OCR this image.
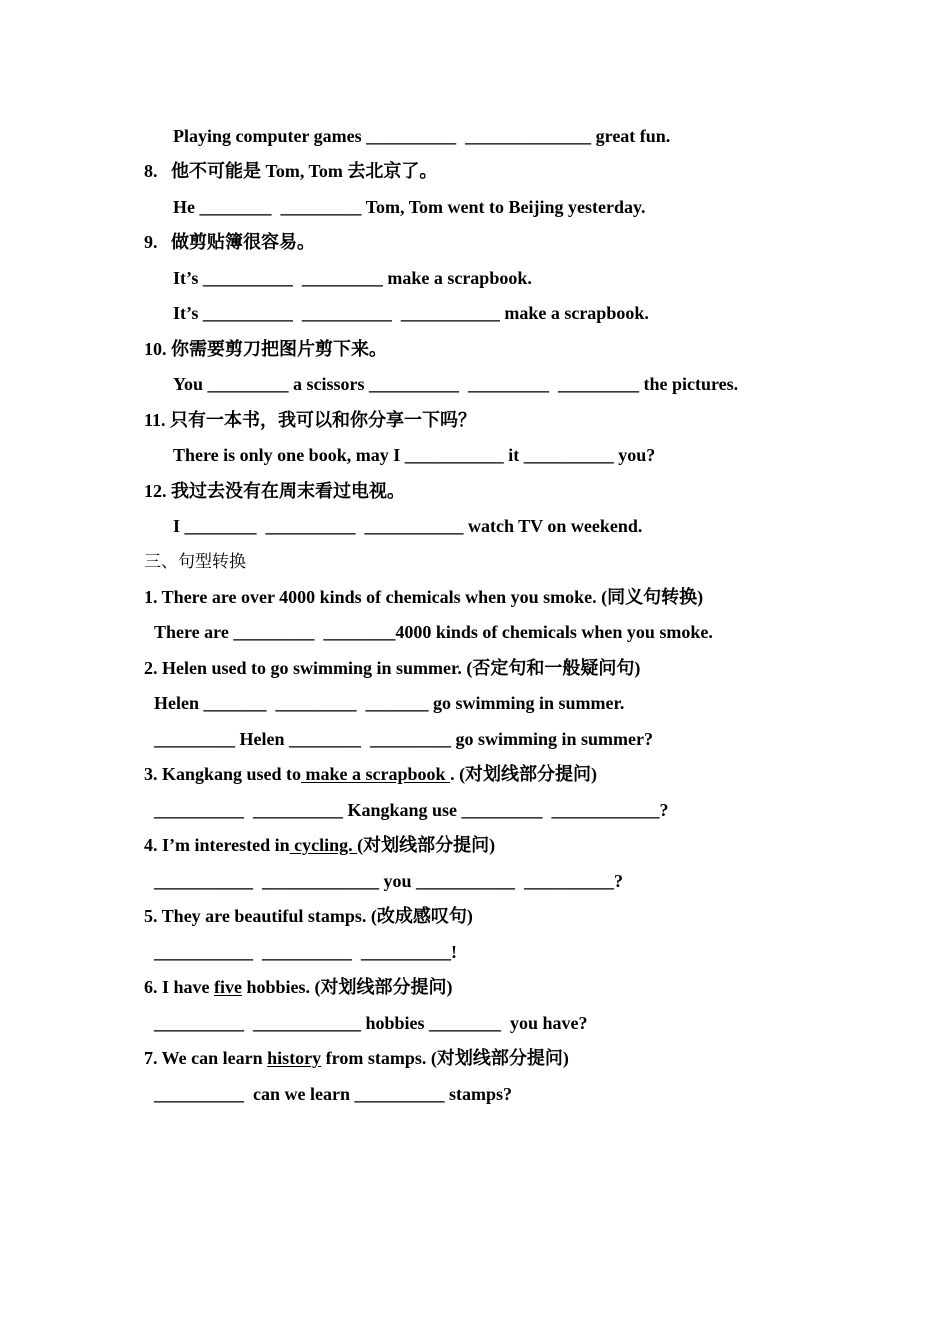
Playing computer games __________  ______________ great fun.
8.   他不可能是 Tom, Tom 去北京了。
He ________  _________ Tom, Tom went to Beijing yesterday.
9.   做剪贴簿很容易。
It’s __________  _________ make a scrapbook.
It’s __________  __________  ___________ make a scrapbook.
10. 你需要剪刀把图片剪下来。
You _________ a scissors __________  _________  _________ the pictures.
11. 只有一本书，我可以和你分享一下吗？
There is only one book, may I ___________ it __________ you?
12. 我过去没有在周末看过电视。
I ________  __________  ___________ watch TV on weekend.
三、句型转换
1. There are over 4000 kinds of chemicals when you smoke. (同义句转换)
There are _________  ________4000 kinds of chemicals when you smoke.
2. Helen used to go swimming in summer. (否定句和一般疑问句)
Helen _______  _________  _______ go swimming in summer.
_________ Helen ________  _________ go swimming in summer?
3. Kangkang used to make a scrapbook . (对划线部分提问)
__________  __________ Kangkang use _________  ____________?
4. I’m interested in cycling. (对划线部分提问)
___________  _____________ you ___________  __________?
5. They are beautiful stamps. (改成感叹句)
___________  __________  __________!
6. I have five hobbies. (对划线部分提问)
__________  ____________ hobbies ________  you have?
7. We can learn history from stamps. (对划线部分提问)
__________  can we learn __________ stamps?
